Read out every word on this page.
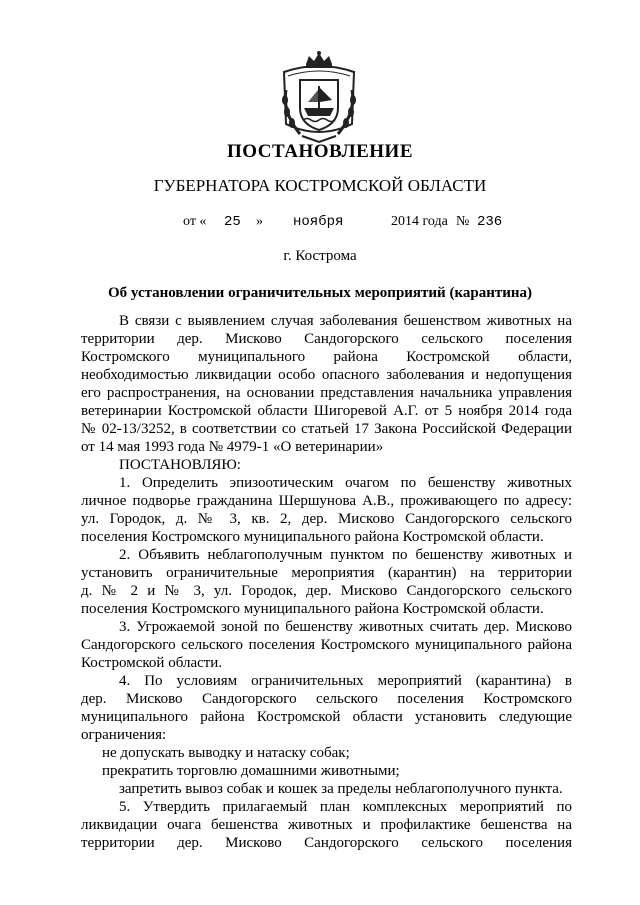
ПОСТАНОВЛЕНИЕ
ГУБЕРНАТОРА КОСТРОМСКОЙ ОБЛАСТИ
от « 25 » ноября	2014 года № 236
г. Кострома
Об установлении ограничительных мероприятий (карантина)
В связи с выявлением случая заболевания бешенством животных на
территории дер. Мисково Сандогорского сельского поселения
Костромского муниципального района Костромской области,
необходимостью ликвидации особо опасного заболевания и недопущения
его распространения, на основании представления начальника управления
ветеринарии Костромской области Шигоревой А.Г. от 5 ноября 2014 года
№ 02-13/3252, в соответствии со статьей 17 Закона Российской Федерации
от 14 мая 1993 года № 4979-1 «О ветеринарии»
ПОСТАНОВЛЯЮ:
1. Определить эпизоотическим очагом по бешенству животных
личное подворье гражданина Шершунова А.В., проживающего по адресу:
ул. Городок, д. № 3, кв. 2, дер. Мисково Сандогорского сельского
поселения Костромского муниципального района Костромской области.
2. Объявить неблагополучным пунктом по бешенству животных и
установить ограничительные мероприятия (карантин) на территории
д. № 2 и № 3, ул. Городок, дер. Мисково Сандогорского сельского
поселения Костромского муниципального района Костромской области.
3. Угрожаемой зоной по бешенству животных считать дер. Мисково
Сандогорского сельского поселения Костромского муниципального района
Костромской области.
4. По условиям ограничительных мероприятий (карантина) в
дер. Мисково Сандогорского сельского поселения Костромского
муниципального района Костромской области установить следующие
ограничения:
не допускать выводку и натаску собак;
прекратить торговлю домашними животными;
запретить вывоз собак и кошек за пределы неблагополучного пункта.
5. Утвердить прилагаемый план комплексных мероприятий по
ликвидации очага бешенства животных и профилактике бешенства на
территории дер. Мисково Сандогорского сельского поселения
